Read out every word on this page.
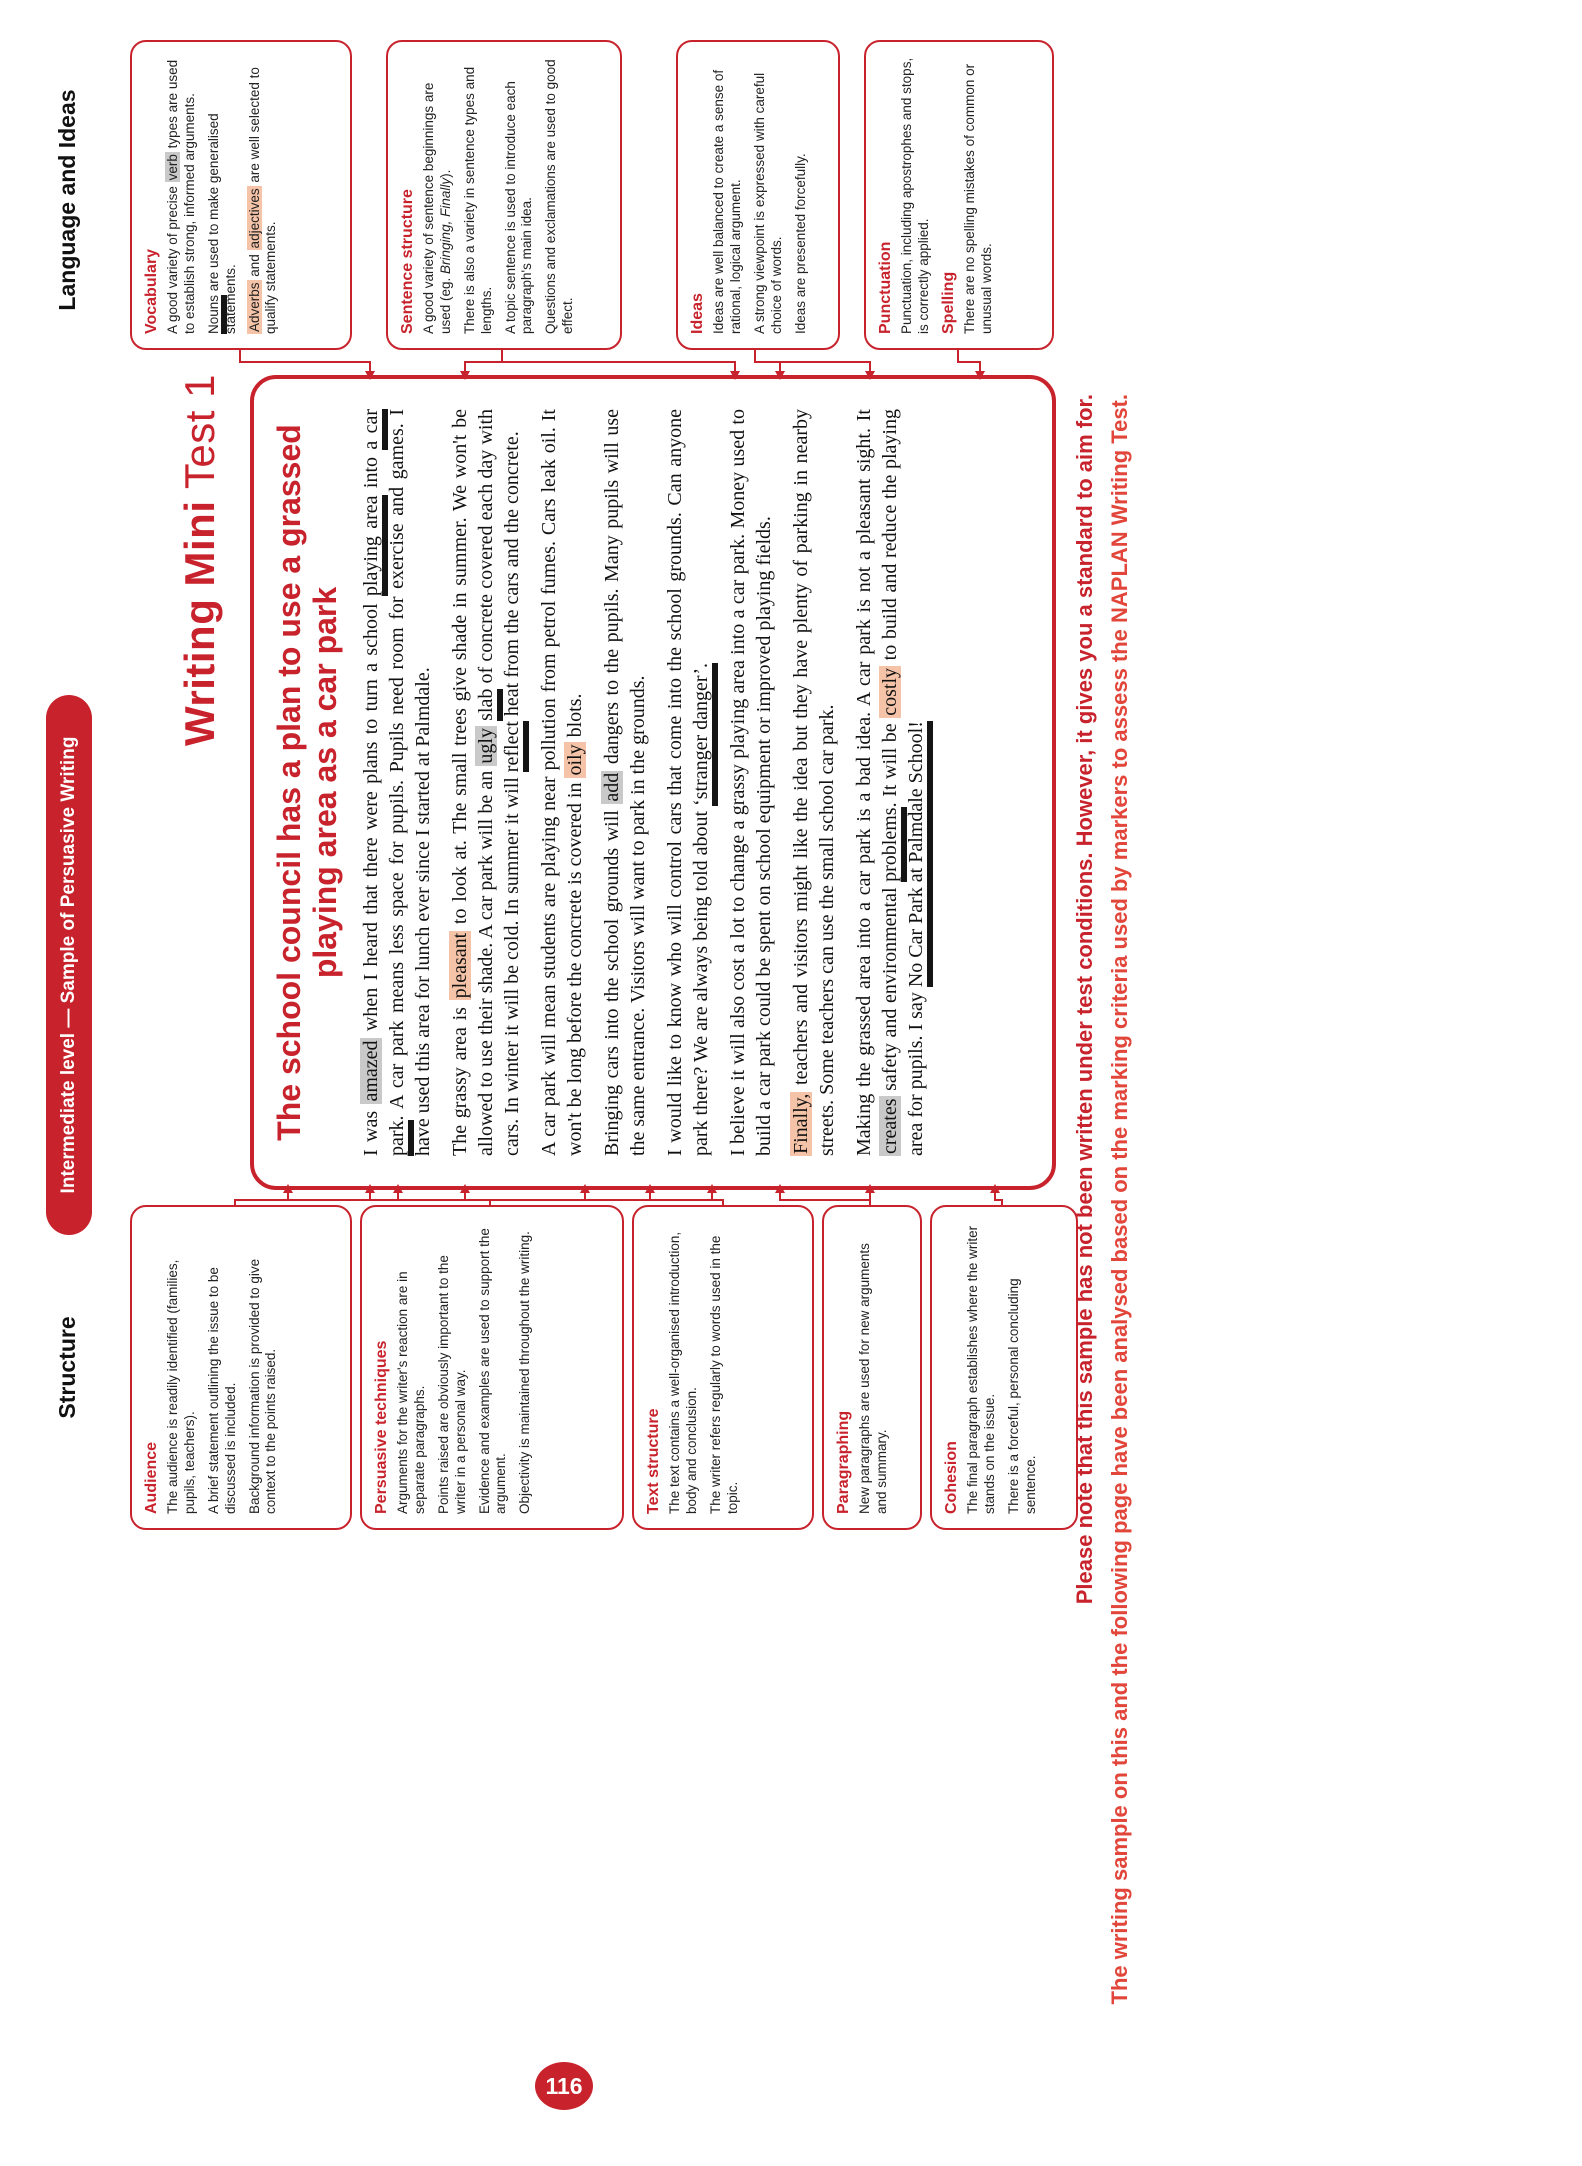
Structure
Language and Ideas
Intermediate level — Sample of Persuasive Writing
Writing Mini Test 1
Audience The audience is readily identified (families, pupils, teachers). A brief statement outlining the issue to be discussed is included. Background information is provided to give context to the points raised.	Persuasive techniques Arguments for the writer's reaction are in separate paragraphs. Points raised are obviously important to the writer in a personal way. Evidence and examples are used to support the argument. Objectivity is maintained throughout the writing.	Text structure The text contains a well-organised introduction, body and conclusion. The writer refers regularly to words used in the topic.	Paragraphing New paragraphs are used for new arguments and summary.	Cohesion The final paragraph establishes where the writer stands on the issue. There is a forceful, personal concluding sentence.
The school council has a plan to use a grassed playing area as a car park

I was amazed when I heard that there were plans to turn a school playing area into a car park. A car park means less space for pupils. Pupils need room for exercise and games. I have used this area for lunch ever since I started at Palmdale. The grassy area is pleasant to look at. The small trees give shade in summer. We won't be allowed to use their shade. A car park will be an ugly slab of concrete covered each day with cars. In winter it will be cold. In summer it will reflect heat from the cars and the concrete. A car park will mean students are playing near pollution from petrol fumes. Cars leak oil. It won't be long before the concrete is covered in oily blots.

Bringing cars into the school grounds will add dangers to the pupils. Many pupils will use the same entrance. Visitors will want to park in the grounds. I would like to know who will control cars that come into the school grounds. Can anyone park there? We are always being told about ‘stranger danger’. I believe it will also cost a lot to change a grassy playing area into a car park. Money used to build a car park could be spent on school equipment or improved playing fields. Finally, teachers and visitors might like the idea but they have plenty of parking in nearby streets. Some teachers can use the small school car park. Making the grassed area into a car park is a bad idea. A car park is not a pleasant sight. It creates safety and environmental problems. It will be costly to build and reduce the playing area for pupils. I say No Car Park at Palmdale School!

Vocabulary A good variety of precise verb types are used to establish strong, informed arguments. Nouns are used to make generalised statements. Adverbs and adjectives are well selected to qualify statements.	Sentence structure A good variety of sentence beginnings are used (eg. Bringing, Finally). There is also a variety in sentence types and lengths. A topic sentence is used to introduce each paragraph's main idea. Questions and exclamations are used to good effect.	Ideas Ideas are well balanced to create a sense of rational, logical argument. A strong viewpoint is expressed with careful choice of words. Ideas are presented forcefully.	Punctuation Punctuation, including apostrophes and stops, is correctly applied. Spelling There are no spelling mistakes of common or unusual words.
Please note that this sample has not been written under test conditions. However, it gives you a standard to aim for. The writing sample on this and the following page have been analysed based on the marking criteria used by markers to assess the NAPLAN Writing Test.
116
